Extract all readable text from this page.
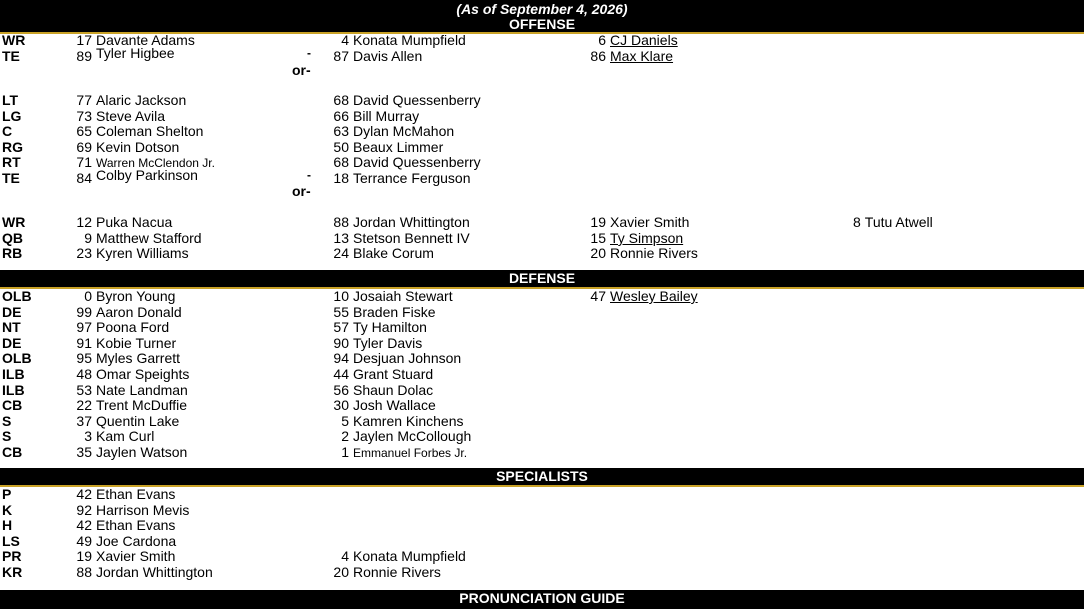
(As of September 4, 2026)
OFFENSE
WR	17 Davante Adams	4 Konata Mumpfield	6 CJ Daniels
TE	89 Tyler Higbee	- 87 Davis Allen	86 Max Klare
or-
LT	77 Alaric Jackson	68 David Quessenberry
LG	73 Steve Avila	66 Bill Murray
C	65 Coleman Shelton	63 Dylan McMahon
RG	69 Kevin Dotson	50 Beaux Limmer
RT	71 Warren McClendon Jr.	68 David Quessenberry
TE	84 Colby Parkinson	- 18 Terrance Ferguson
or-
WR	12 Puka Nacua	88 Jordan Whittington	19 Xavier Smith	8 Tutu Atwell
QB	9 Matthew Stafford	13 Stetson Bennett IV	15 Ty Simpson
RB	23 Kyren Williams	24 Blake Corum	20 Ronnie Rivers
DEFENSE
OLB	0 Byron Young	10 Josaiah Stewart	47 Wesley Bailey
DE	99 Aaron Donald	55 Braden Fiske
NT	97 Poona Ford	57 Ty Hamilton
DE	91 Kobie Turner	90 Tyler Davis
OLB	95 Myles Garrett	94 Desjuan Johnson
ILB	48 Omar Speights	44 Grant Stuard
ILB	53 Nate Landman	56 Shaun Dolac
CB	22 Trent McDuffie	30 Josh Wallace
S	37 Quentin Lake	5 Kamren Kinchens
S	3 Kam Curl	2 Jaylen McCollough
CB	35 Jaylen Watson	1 Emmanuel Forbes Jr.
SPECIALISTS
P	42 Ethan Evans
K	92 Harrison Mevis
H	42 Ethan Evans
LS	49 Joe Cardona
PR	19 Xavier Smith	4 Konata Mumpfield
KR	88 Jordan Whittington	20 Ronnie Rivers
PRONUNCIATION GUIDE
